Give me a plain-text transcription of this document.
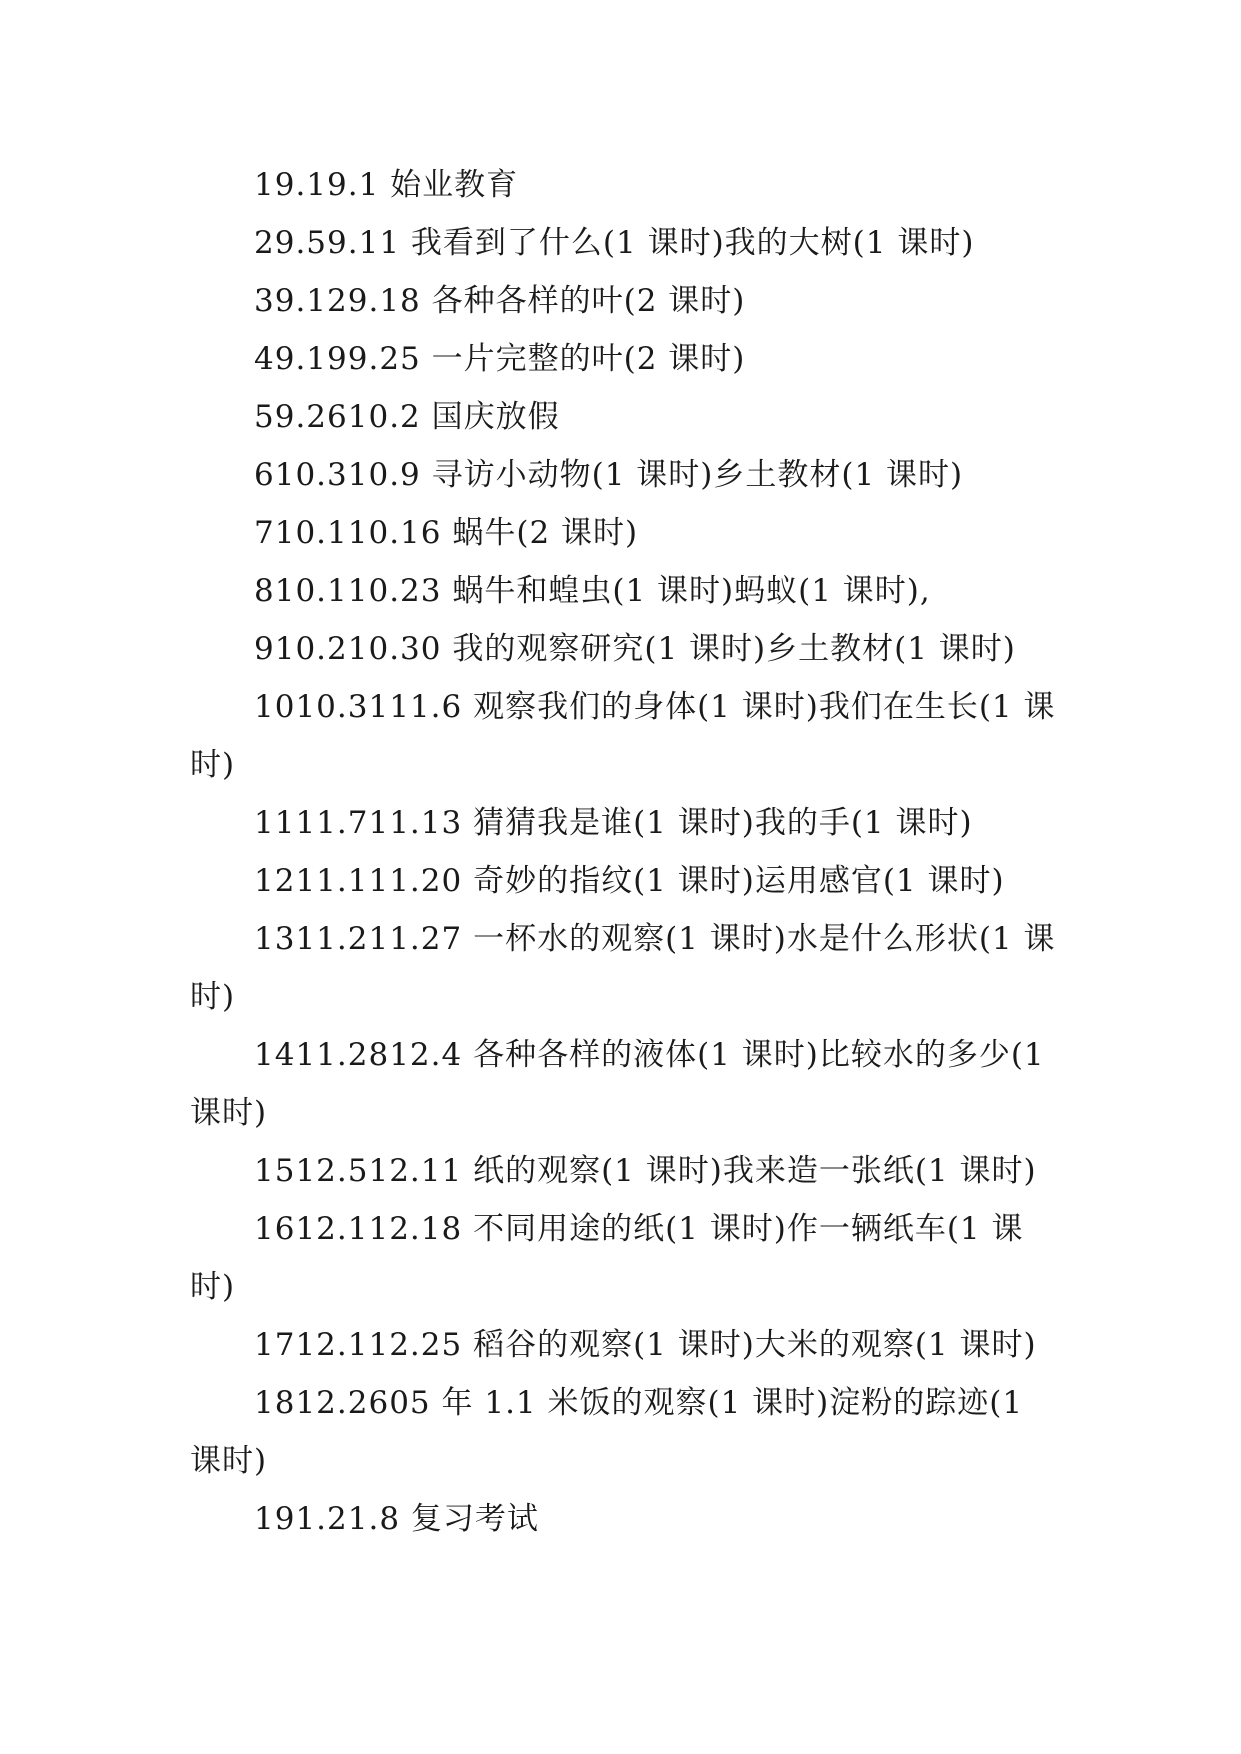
19.19.1 始业教育

29.59.11 我看到了什么(1 课时)我的大树(1 课时)

39.129.18 各种各样的叶(2 课时)

49.199.25 一片完整的叶(2 课时)

59.2610.2 国庆放假

610.310.9 寻访小动物(1 课时)乡土教材(1 课时)

710.110.16 蜗牛(2 课时)

810.110.23 蜗牛和蝗虫(1 课时)蚂蚁(1 课时),

910.210.30 我的观察研究(1 课时)乡土教材(1 课时)

1010.3111.6 观察我们的身体(1 课时)我们在生长(1 课时)

1111.711.13 猜猜我是谁(1 课时)我的手(1 课时)

1211.111.20 奇妙的指纹(1 课时)运用感官(1 课时)

1311.211.27 一杯水的观察(1 课时)水是什么形状(1 课时)

1411.2812.4 各种各样的液体(1 课时)比较水的多少(1 课时)

1512.512.11 纸的观察(1 课时)我来造一张纸(1 课时)

1612.112.18 不同用途的纸(1 课时)作一辆纸车(1 课时)

1712.112.25 稻谷的观察(1 课时)大米的观察(1 课时)

1812.2605 年 1.1 米饭的观察(1 课时)淀粉的踪迹(1 课时)

191.21.8 复习考试
